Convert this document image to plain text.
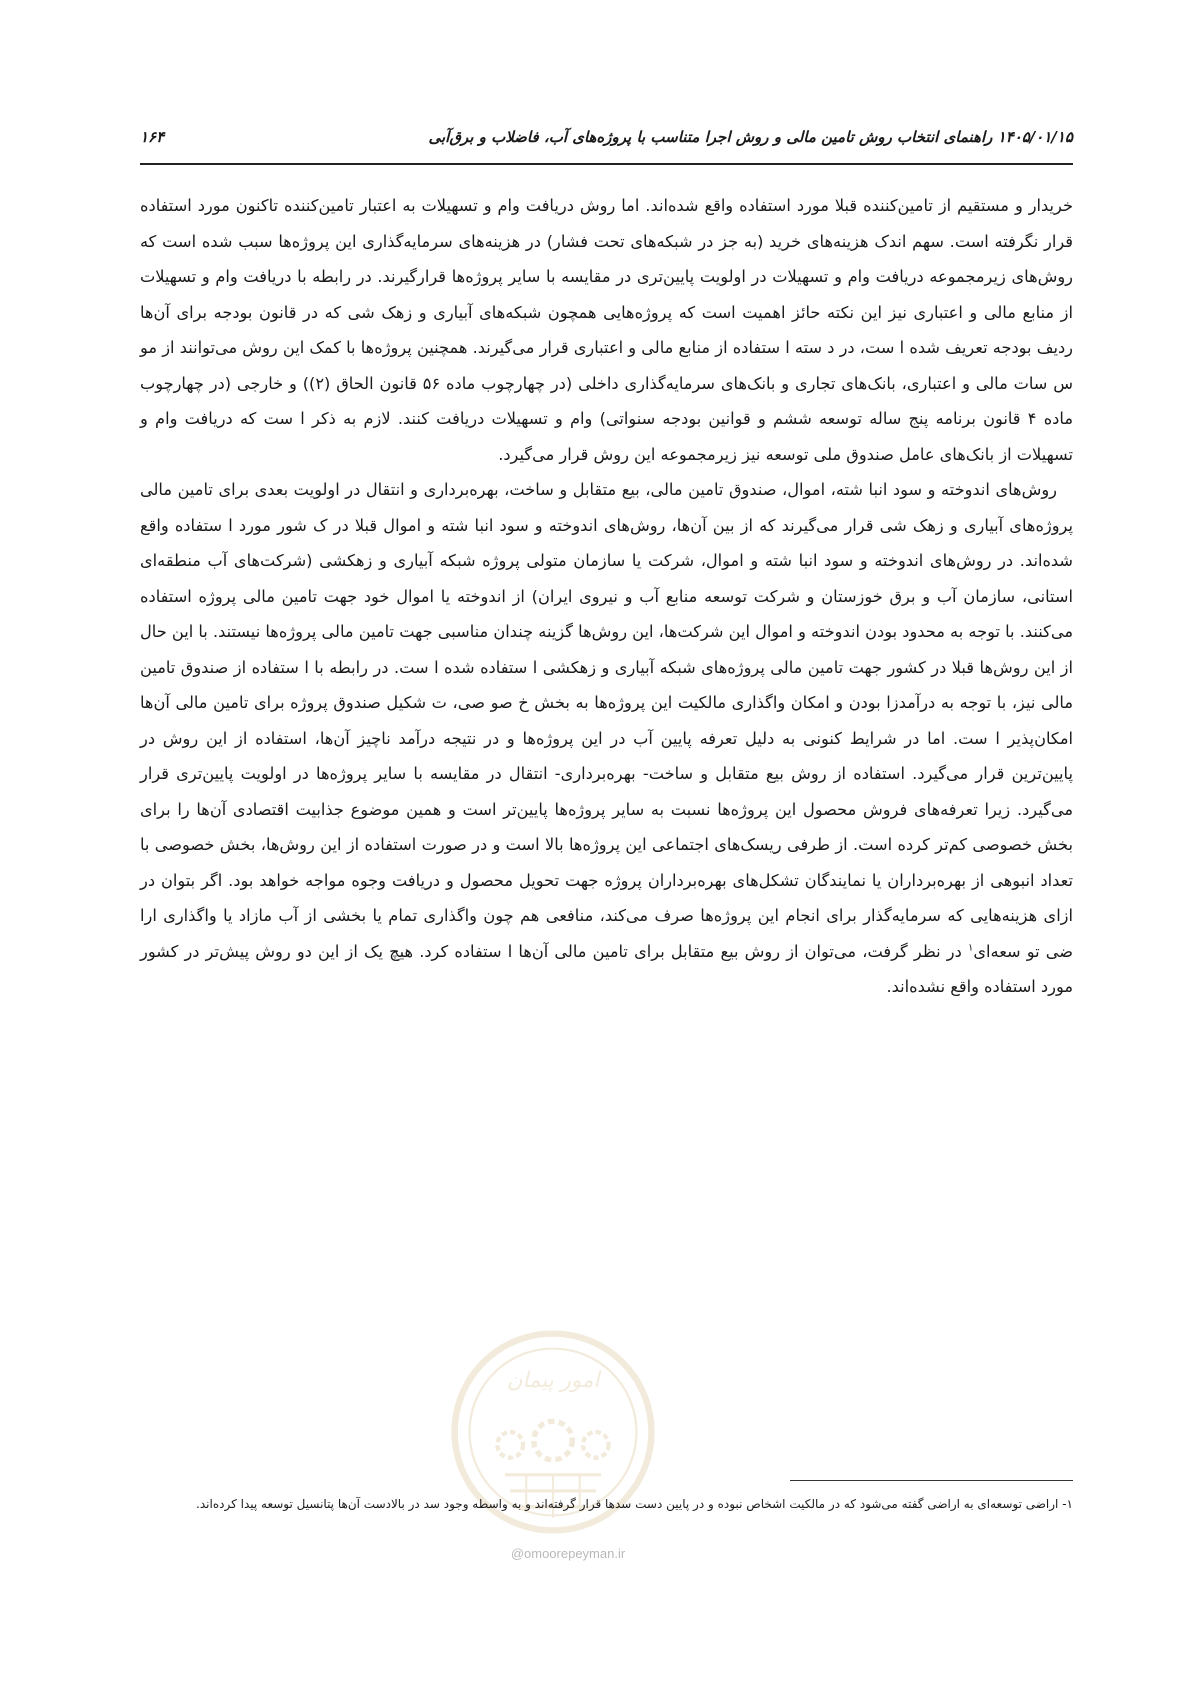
۱۴۰۵/۰۱/۱۵ راهنمای انتخاب روش تامین مالی و روش اجرا متناسب با پروژه‌های آب، فاضلاب و برق‌آبی
۱۶۴

خریدار و مستقیم از تامین‌کننده قبلا مورد استفاده واقع شده‌اند. اما روش دریافت وام و تسهیلات به اعتبار تامین‌کننده تاکنون مورد استفاده قرار نگرفته است. سهم اندک هزینه‌های خرید (به جز در شبکه‌های تحت فشار) در هزینه‌های سرمایه‌گذاری این پروژه‌ها سبب شده است که روش‌های زیرمجموعه دریافت وام و تسهیلات در اولویت پایین‌تری در مقایسه با سایر پروژه‌ها قرارگیرند. در رابطه با دریافت وام و تسهیلات از منابع مالی و اعتباری نیز این نکته حائز اهمیت است که پروژه‌هایی همچون شبکه‌های آبیاری و زهک شی که در قانون بودجه برای آن‌ها ردیف بودجه تعریف شده ا ست، در د سته ا ستفاده از منابع مالی و اعتباری قرار می‌گیرند. همچنین پروژه‌ها با کمک این روش می‌توانند از مو س سات مالی و اعتباری، بانک‌های تجاری و بانک‌های سرمایه‌گذاری داخلی (در چهارچوب ماده ۵۶ قانون الحاق (۲)) و خارجی (در چهارچوب ماده ۴ قانون برنامه پنج ساله توسعه ششم و قوانین بودجه سنواتی) وام و تسهیلات دریافت کنند. لازم به ذکر ا ست که دریافت وام و تسهیلات از بانک‌های عامل صندوق ملی توسعه نیز زیرمجموعه این روش قرار می‌گیرد.

روش‌های اندوخته و سود انبا شته، اموال، صندوق تامین مالی، بیع متقابل و ساخت، بهره‌برداری و انتقال در اولویت بعدی برای تامین مالی پروژه‌های آبیاری و زهک شی قرار می‌گیرند که از بین آن‌ها، روش‌های اندوخته و سود انبا شته و اموال قبلا در ک شور مورد ا ستفاده واقع شده‌اند. در روش‌های اندوخته و سود انبا شته و اموال، شرکت یا سازمان متولی پروژه شبکه آبیاری و زهکشی (شرکت‌های آب منطقه‌ای استانی، سازمان آب و برق خوزستان و شرکت توسعه منابع آب و نیروی ایران) از اندوخته یا اموال خود جهت تامین مالی پروژه استفاده می‌کنند. با توجه به محدود بودن اندوخته و اموال این شرکت‌ها، این روش‌ها گزینه چندان مناسبی جهت تامین مالی پروژه‌ها نیستند. با این حال از این روش‌ها قبلا در کشور جهت تامین مالی پروژه‌های شبکه آبیاری و زهکشی ا ستفاده شده ا ست. در رابطه با ا ستفاده از صندوق تامین مالی نیز، با توجه به درآمدزا بودن و امکان واگذاری مالکیت این پروژه‌ها به بخش خ صو صی، ت شکیل صندوق پروژه برای تامین مالی آن‌ها امکان‌پذیر ا ست. اما در شرایط کنونی به دلیل تعرفه پایین آب در این پروژه‌ها و در نتیجه درآمد ناچیز آن‌ها، استفاده از این روش در پایین‌ترین قرار می‌گیرد. استفاده از روش بیع متقابل و ساخت- بهره‌برداری- انتقال در مقایسه با سایر پروژه‌ها در اولویت پایین‌تری قرار می‌گیرد. زیرا تعرفه‌های فروش محصول این پروژه‌ها نسبت به سایر پروژه‌ها پایین‌تر است و همین موضوع جذابیت اقتصادی آن‌ها را برای بخش خصوصی کم‌تر کرده است. از طرفی ریسک‌های اجتماعی این پروژه‌ها بالا است و در صورت استفاده از این روش‌ها، بخش خصوصی با تعداد انبوهی از بهره‌برداران یا نمایندگان تشکل‌های بهره‌برداران پروژه جهت تحویل محصول و دریافت وجوه مواجه خواهد بود. اگر بتوان در ازای هزینه‌هایی که سرمایه‌گذار برای انجام این پروژه‌ها صرف می‌کند، منافعی هم چون واگذاری تمام یا بخشی از آب مازاد یا واگذاری ارا ضی تو سعه‌ای$^۱$ در نظر گرفت، می‌توان از روش بیع متقابل برای تامین مالی آن‌ها ا ستفاده کرد. هیچ یک از این دو روش پیش‌تر در کشور مورد استفاده واقع نشده‌اند.

امور پیمان
۱- اراضی توسعه‌ای به اراضی گفته می‌شود که در مالکیت اشخاص نبوده و در پایین دست سدها قرار گرفته‌اند و به واسطه وجود سد در بالادست آن‌ها پتانسیل توسعه پیدا کرده‌اند.
@omoorepeyman.ir
